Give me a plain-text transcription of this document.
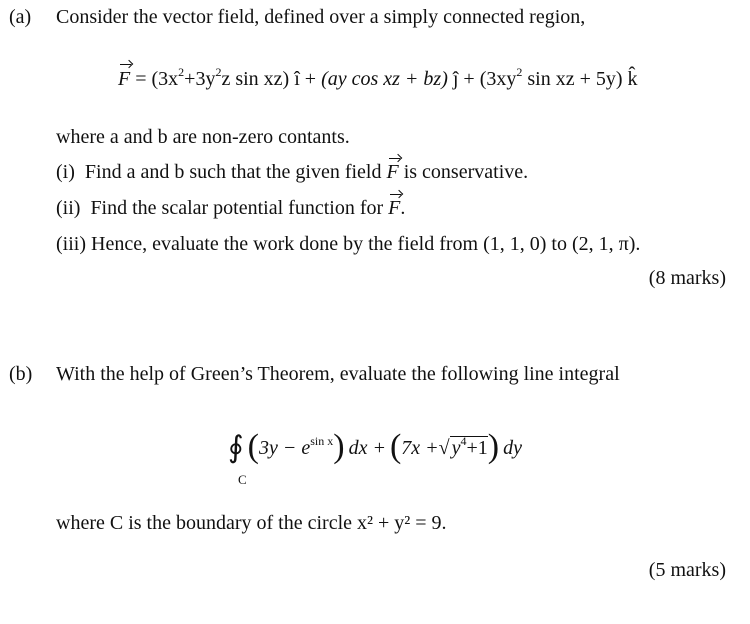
(a) Consider the vector field, defined over a simply connected region,
$F = (3x^2+3y^2z$ sin xz) î + (ay cos xz + bz) ĵ + ($3xy^2$ sin xz + 5y) k̂
where a and b are non-zero contants.
(i) Find a and b such that the given field F is conservative.
(ii) Find the scalar potential function for F.
(iii) Hence, evaluate the work done by the field from (1, 1, 0) to (2, 1, π).
(8 marks)
(b) With the help of Green’s Theorem, evaluate the following line integral
∮ $(3y - e^{sin x})$ dx + (7x +√ $y^4+1$) dy
C
where C is the boundary of the circle x² + y² = 9.
(5 marks)
